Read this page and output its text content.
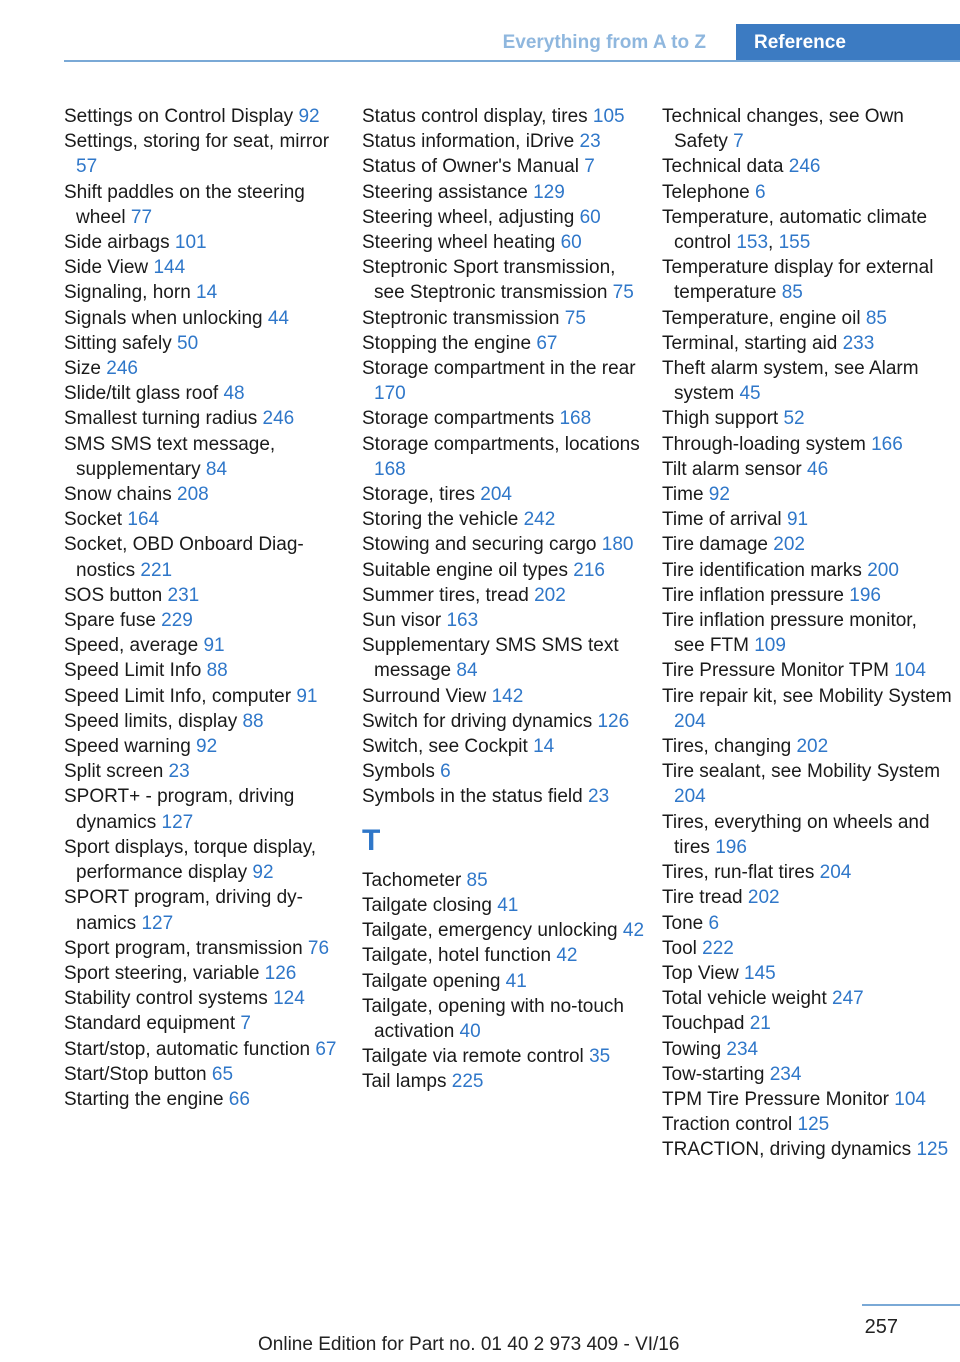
Everything from A to Z	Reference
Settings on Control Display 92
Settings, storing for seat, mirror 57
Shift paddles on the steering wheel 77
Side airbags 101
Side View 144
Signaling, horn 14
Signals when unlocking 44
Sitting safely 50
Size 246
Slide/tilt glass roof 48
Smallest turning radius 246
SMS SMS text message, supplementary 84
Snow chains 208
Socket 164
Socket, OBD Onboard Diagnostics 221
SOS button 231
Spare fuse 229
Speed, average 91
Speed Limit Info 88
Speed Limit Info, computer 91
Speed limits, display 88
Speed warning 92
Split screen 23
SPORT+ - program, driving dynamics 127
Sport displays, torque display, performance display 92
SPORT program, driving dynamics 127
Sport program, transmission 76
Sport steering, variable 126
Stability control systems 124
Standard equipment 7
Start/stop, automatic function 67
Start/Stop button 65
Starting the engine 66
Status control display, tires 105
Status information, iDrive 23
Status of Owner's Manual 7
Steering assistance 129
Steering wheel, adjusting 60
Steering wheel heating 60
Steptronic Sport transmission, see Steptronic transmission 75
Steptronic transmission 75
Stopping the engine 67
Storage compartment in the rear 170
Storage compartments 168
Storage compartments, locations 168
Storage, tires 204
Storing the vehicle 242
Stowing and securing cargo 180
Suitable engine oil types 216
Summer tires, tread 202
Sun visor 163
Supplementary SMS SMS text message 84
Surround View 142
Switch for driving dynamics 126
Switch, see Cockpit 14
Symbols 6
Symbols in the status field 23
T
Tachometer 85
Tailgate closing 41
Tailgate, emergency unlocking 42
Tailgate, hotel function 42
Tailgate opening 41
Tailgate, opening with no-touch activation 40
Tailgate via remote control 35
Tail lamps 225
Technical changes, see Own Safety 7
Technical data 246
Telephone 6
Temperature, automatic climate control 153, 155
Temperature display for external temperature 85
Temperature, engine oil 85
Terminal, starting aid 233
Theft alarm system, see Alarm system 45
Thigh support 52
Through-loading system 166
Tilt alarm sensor 46
Time 92
Time of arrival 91
Tire damage 202
Tire identification marks 200
Tire inflation pressure 196
Tire inflation pressure monitor, see FTM 109
Tire Pressure Monitor TPM 104
Tire repair kit, see Mobility System 204
Tires, changing 202
Tire sealant, see Mobility System 204
Tires, everything on wheels and tires 196
Tires, run-flat tires 204
Tire tread 202
Tone 6
Tool 222
Top View 145
Total vehicle weight 247
Touchpad 21
Towing 234
Tow-starting 234
TPM Tire Pressure Monitor 104
Traction control 125
TRACTION, driving dynamics 125
257
Online Edition for Part no. 01 40 2 973 409 - VI/16
